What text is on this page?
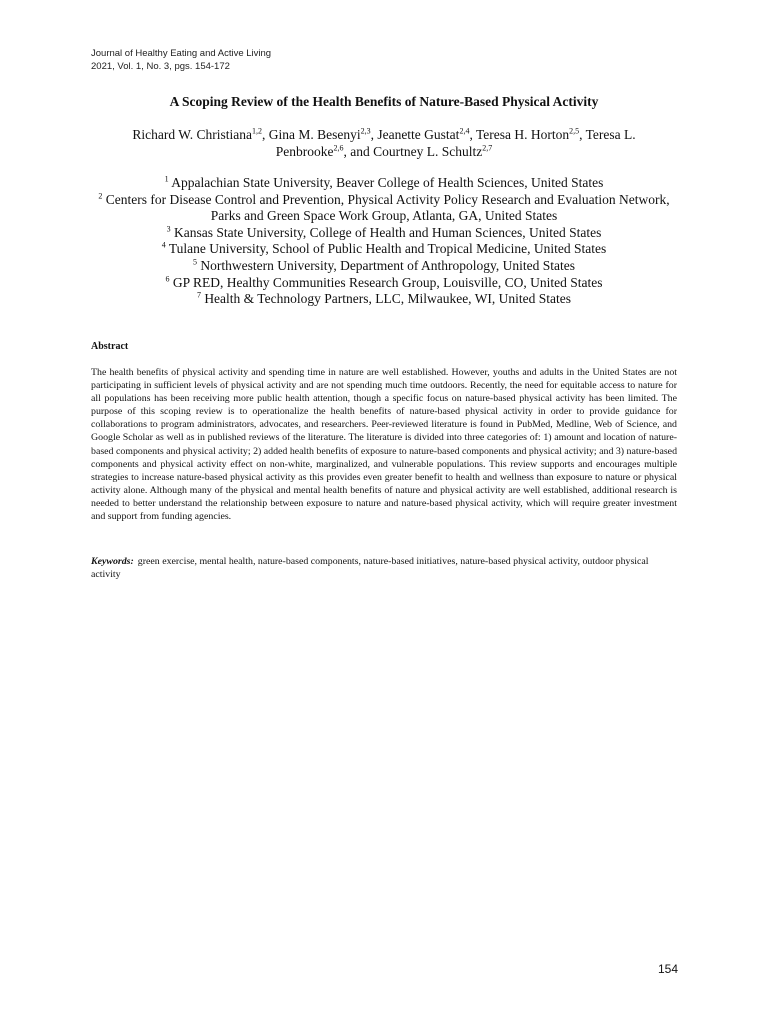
Journal of Healthy Eating and Active Living
2021, Vol. 1, No. 3, pgs. 154-172
A Scoping Review of the Health Benefits of Nature-Based Physical Activity
Richard W. Christiana$^{1,2}$, Gina M. Besenyi$^{2,3}$, Jeanette Gustat$^{2,4}$, Teresa H. Horton$^{2,5}$, Teresa L. Penbrooke$^{2,6}$, and Courtney L. Schultz$^{2,7}$
$^1$ Appalachian State University, Beaver College of Health Sciences, United States
$^2$ Centers for Disease Control and Prevention, Physical Activity Policy Research and Evaluation Network,
Parks and Green Space Work Group, Atlanta, GA, United States
$^3$ Kansas State University, College of Health and Human Sciences, United States
$^4$ Tulane University, School of Public Health and Tropical Medicine, United States
$^5$ Northwestern University, Department of Anthropology, United States
$^6$ GP RED, Healthy Communities Research Group, Louisville, CO, United States
$^7$ Health & Technology Partners, LLC, Milwaukee, WI, United States
Abstract
The health benefits of physical activity and spending time in nature are well established. However, youths and adults in the United States are not participating in sufficient levels of physical activity and are not spending much time outdoors. Recently, the need for equitable access to nature for all populations has been receiving more public health attention, though a specific focus on nature-based physical activity has been limited. The purpose of this scoping review is to operationalize the health benefits of nature-based physical activity in order to provide guidance for collaborations to program administrators, advocates, and researchers. Peer-reviewed literature is found in PubMed, Medline, Web of Science, and Google Scholar as well as in published reviews of the literature. The literature is divided into three categories of: 1) amount and location of nature-based components and physical activity; 2) added health benefits of exposure to nature-based components and physical activity; and 3) nature-based components and physical activity effect on non-white, marginalized, and vulnerable populations. This review supports and encourages multiple strategies to increase nature-based physical activity as this provides even greater benefit to health and wellness than exposure to nature or physical activity alone. Although many of the physical and mental health benefits of nature and physical activity are well established, additional research is needed to better understand the relationship between exposure to nature and nature-based physical activity, which will require greater investment and support from funding agencies.
Keywords: green exercise, mental health, nature-based components, nature-based initiatives, nature-based physical activity, outdoor physical activity
154
